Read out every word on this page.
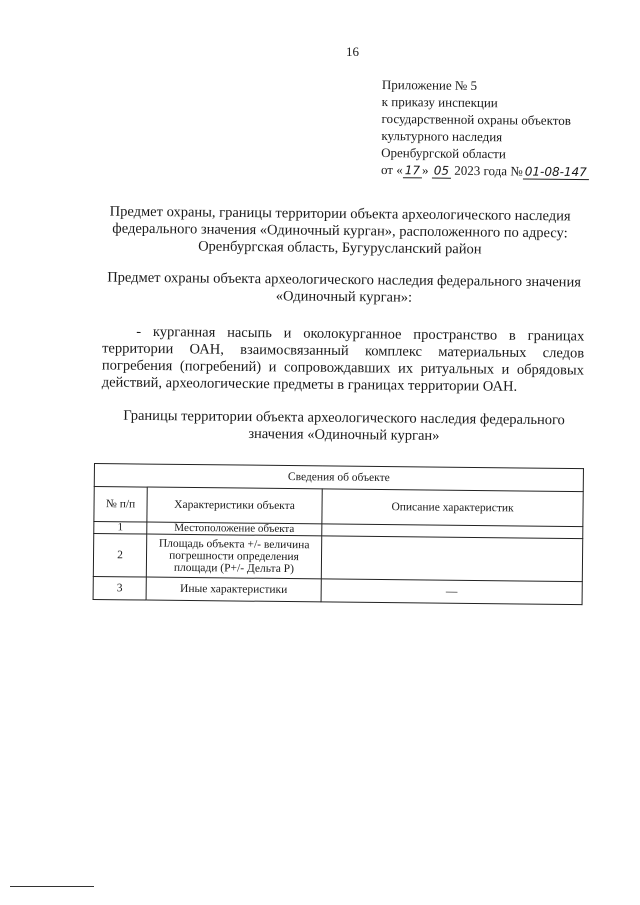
16
Приложение № 5
к приказу инспекции
государственной охраны объектов
культурного наследия
Оренбургской области
от « 17 » 05 2023 года № 01-08-147
Предмет охраны, границы территории объекта археологического наследия
федерального значения «Одиночный курган», расположенного по адресу:
Оренбургская область, Бугурусланский район
Предмет охраны объекта археологического наследия федерального значения
«Одиночный курган»:
- курганная насыпь и околокурганное пространство в границах территории ОАН, взаимосвязанный комплекс материальных следов погребения (погребений) и сопровождавших их ритуальных и обрядовых действий, археологические предметы в границах территории ОАН.
Границы территории объекта археологического наследия федерального
значения «Одиночный курган»
Сведения об объекте		
№ п/п	Характеристики объекта	Описание характеристик
1	Местоположение объекта	
2	Площадь объекта +/- величина погрешности определения площади (Р+/- Дельта Р)	
3	Иные характеристики	—
